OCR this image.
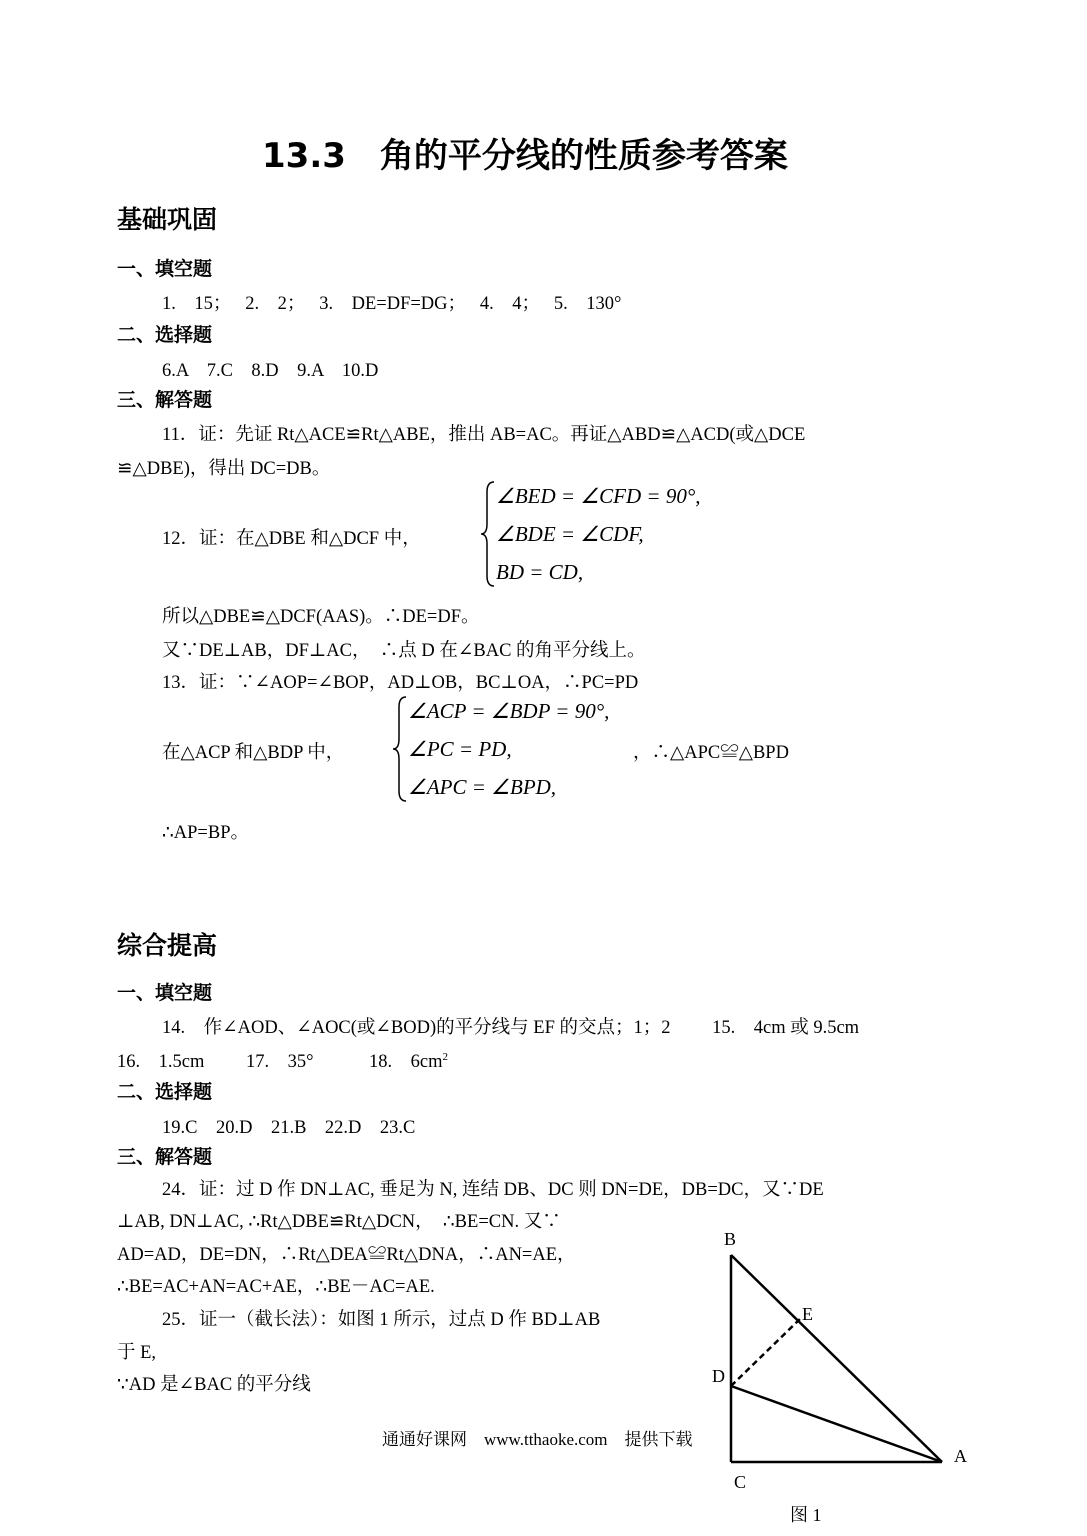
13.3　角的平分线的性质参考答案
基础巩固
一、填空题
1.　15；　 2.　2；　 3.　DE=DF=DG；　 4.　4；　 5.　130°
二、选择题
6.A　7.C　8.D　9.A　10.D
三、解答题
11．证：先证 Rt△ACE≌Rt△ABE，推出 AB=AC。再证△ABD≌△ACD(或△DCE
≌△DBE)，得出 DC=DB。
12．证：在△DBE 和△DCF 中，
∠BED = ∠CFD = 90°,
∠BDE = ∠CDF,
BD = CD,
所以△DBE≌△DCF(AAS)。∴DE=DF。
又∵DE⊥AB，DF⊥AC，　∴点 D 在∠BAC 的角平分线上。
13．证：∵∠AOP=∠BOP，AD⊥OB，BC⊥OA，∴PC=PD
在△ACP 和△BDP 中，
∠ACP = ∠BDP = 90°,
∠PC = PD,
∠APC = ∠BPD,
，∴△APC≌△BPD
∴AP=BP。
综合提高
一、填空题
14.　作∠AOD、∠AOC(或∠BOD)的平分线与 EF 的交点；1；2　　 15.　4cm 或 9.5cm
16.　1.5cm　　 17.　35°　　　18.　$6cm^2$
二、选择题
19.C　20.D　21.B　22.D　23.C
三、解答题
24．证：过 D 作 DN⊥AC, 垂足为 N, 连结 DB、DC 则 DN=DE，DB=DC，又∵DE
⊥AB, DN⊥AC, ∴Rt△DBE≌Rt△DCN，　∴BE=CN. 又∵
AD=AD，DE=DN，∴Rt△DEA≌Rt△DNA，∴AN=AE，
∴BE=AC+AN=AC+AE，∴BE－AC=AE.
25．证一（截长法）：如图 1 所示，过点 D 作 BD⊥AB
于 E,
∵AD 是∠BAC 的平分线
通通好课网　www.tthaoke.com　提供下载
B
E
D
C
A
图 1
